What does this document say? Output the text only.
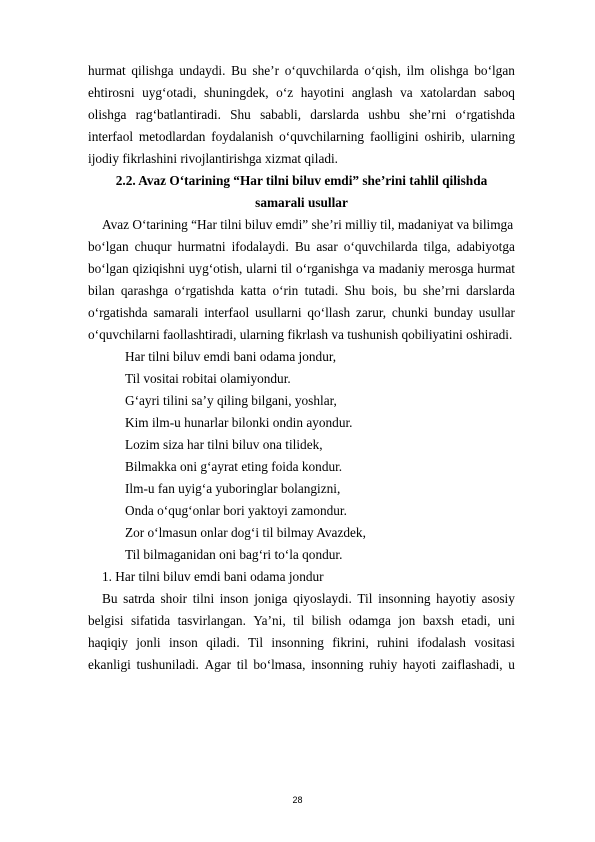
hurmat qilishga undaydi. Bu she’r o‘quvchilarda o‘qish, ilm olishga bo‘lgan
ehtirosni uyg‘otadi, shuningdek, o‘z hayotini anglash va xatolardan saboq
olishga rag‘batlantiradi. Shu sababli, darslarda ushbu she’rni o‘rgatishda
interfaol metodlardan foydalanish o‘quvchilarning faolligini oshirib, ularning
ijodiy fikrlashini rivojlantirishga xizmat qiladi.
2.2. Avaz O‘tarining “Har tilni biluv emdi” she’rini tahlil qilishda
samarali usullar
Avaz O‘tarining “Har tilni biluv emdi” she’ri milliy til, madaniyat va bilimga
bo‘lgan chuqur hurmatni ifodalaydi. Bu asar o‘quvchilarda tilga, adabiyotga
bo‘lgan qiziqishni uyg‘otish, ularni til o‘rganishga va madaniy merosga hurmat
bilan qarashga o‘rgatishda katta o‘rin tutadi. Shu bois, bu she’rni darslarda
o‘rgatishda samarali interfaol usullarni qo‘llash zarur, chunki bunday usullar
o‘quvchilarni faollashtiradi, ularning fikrlash va tushunish qobiliyatini oshiradi.
Har tilni biluv emdi bani odama jondur,
Til vositai robitai olamiyondur.
G‘ayri tilini sa’y qiling bilgani, yoshlar,
Kim ilm-u hunarlar bilonki ondin ayondur.
Lozim siza har tilni biluv ona tilidek,
Bilmakka oni g‘ayrat eting foida kondur.
Ilm-u fan uyig‘a yuboringlar bolangizni,
Onda o‘qug‘onlar bori yaktoyi zamondur.
Zor o‘lmasun onlar dog‘i til bilmay Avazdek,
Til bilmaganidan oni bag‘ri to‘la qondur.
1. Har tilni biluv emdi bani odama jondur
Bu satrda shoir tilni inson joniga qiyoslaydi. Til insonning hayotiy asosiy
belgisi sifatida tasvirlangan. Ya’ni, til bilish odamga jon baxsh etadi, uni
haqiqiy jonli inson qiladi. Til insonning fikrini, ruhini ifodalash vositasi
ekanligi tushuniladi. Agar til bo‘lmasa, insonning ruhiy hayoti zaiflashadi, u
28
